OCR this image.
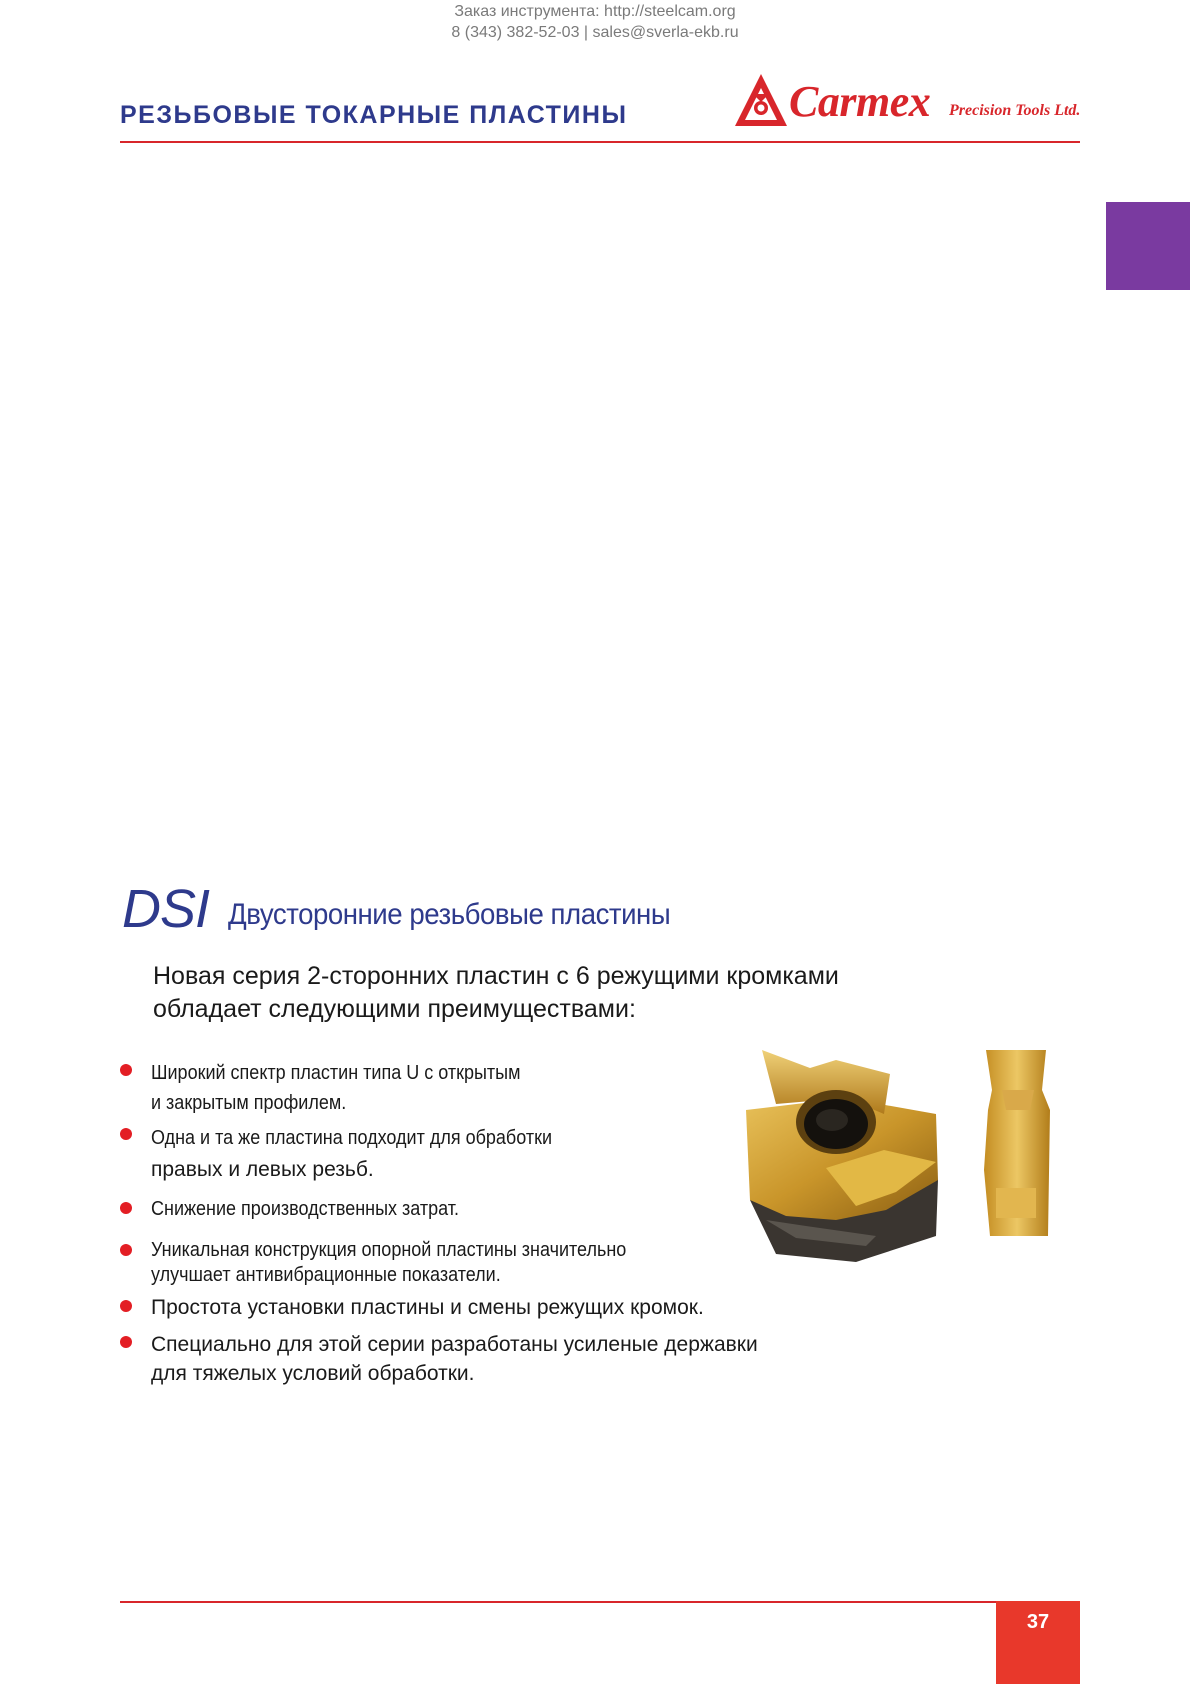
Заказ инструмента: http://steelcam.org
8 (343) 382-52-03 | sales@sverla-ekb.ru
РЕЗЬБОВЫЕ ТОКАРНЫЕ ПЛАСТИНЫ	Carmex Precision Tools Ltd.
DSI Двусторонние резьбовые пластины
Новая серия 2-сторонних пластин с 6 режущими кромками
обладает следующими преимуществами:
Широкий спектр пластин типа U с открытым
и закрытым профилем.
Одна и та же пластина подходит для обработки
правых и левых резьб.
Снижение производственных затрат.
Уникальная конструкция опорной пластины значительно
улучшает антивибрационные показатели.
Простота установки пластины и смены режущих кромок.
Специально для этой серии разработаны усиленые державки
для тяжелых условий обработки.
37
